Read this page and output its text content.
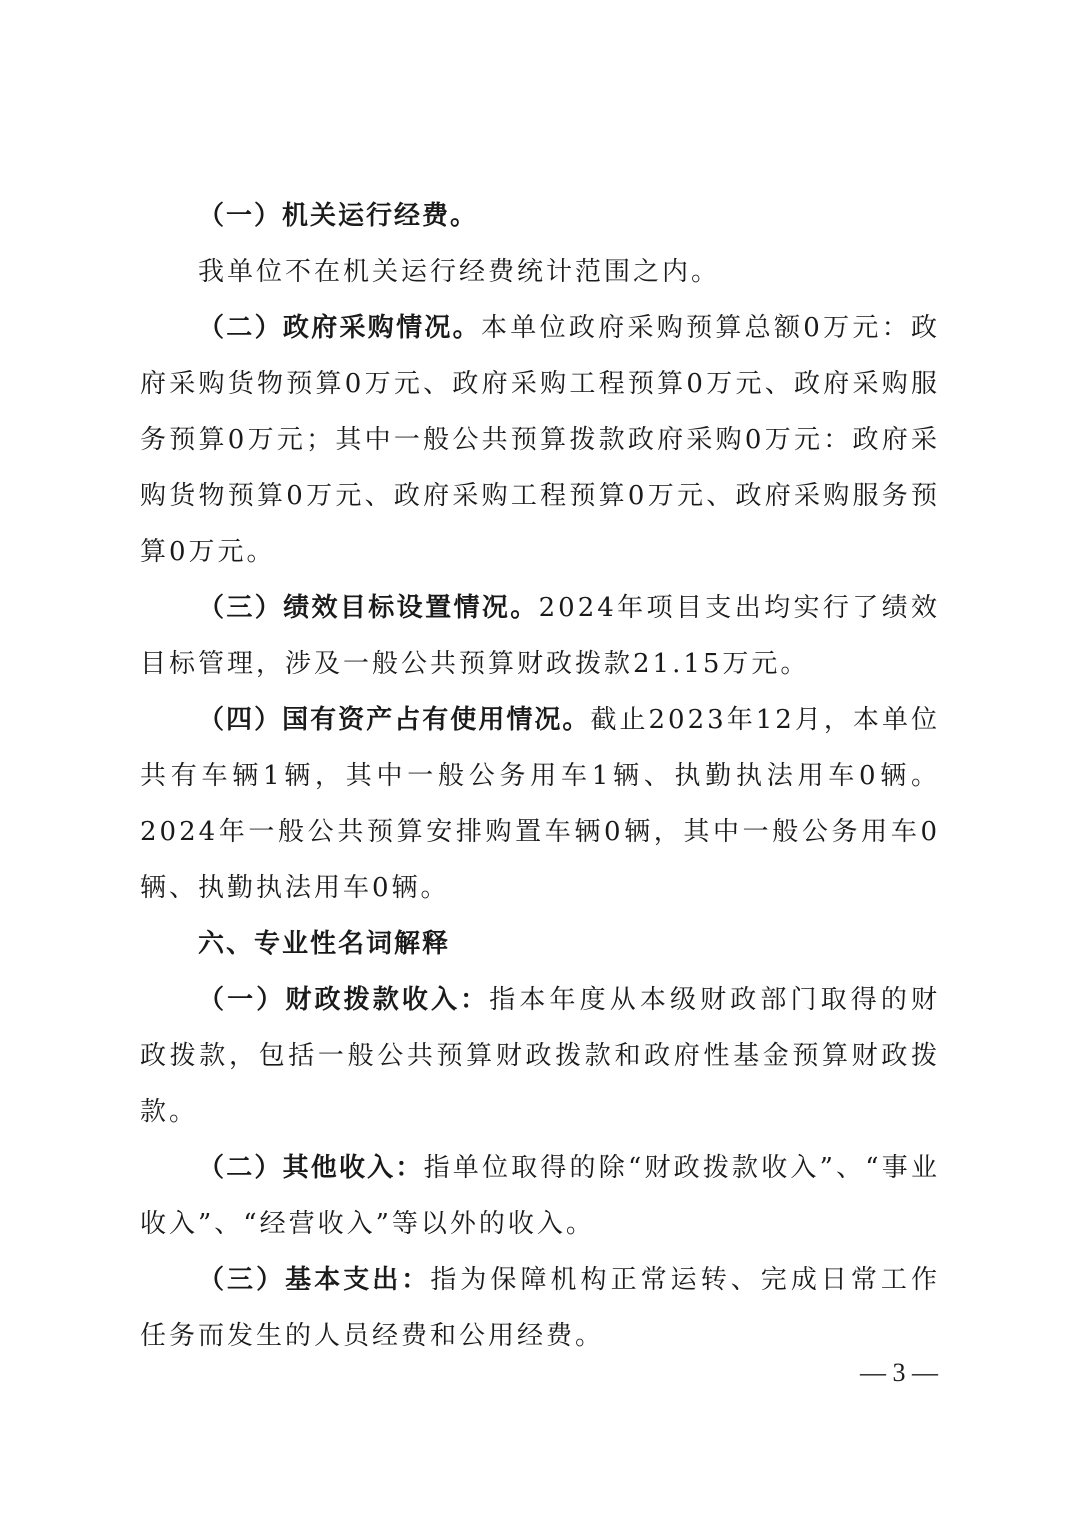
（一）机关运行经费。

我单位不在机关运行经费统计范围之内。

（二）政府采购情况。本单位政府采购预算总额0万元：政府采购货物预算0万元、政府采购工程预算0万元、政府采购服务预算0万元；其中一般公共预算拨款政府采购0万元：政府采购货物预算0万元、政府采购工程预算0万元、政府采购服务预算0万元。

（三）绩效目标设置情况。2024年项目支出均实行了绩效目标管理，涉及一般公共预算财政拨款21.15万元。

（四）国有资产占有使用情况。截止2023年12月，本单位共有车辆1辆，其中一般公务用车1辆、执勤执法用车0辆。2024年一般公共预算安排购置车辆0辆，其中一般公务用车0辆、执勤执法用车0辆。

六、专业性名词解释

（一）财政拨款收入：指本年度从本级财政部门取得的财政拨款，包括一般公共预算财政拨款和政府性基金预算财政拨款。

（二）其他收入：指单位取得的除“财政拨款收入”、“事业收入”、“经营收入”等以外的收入。

（三）基本支出：指为保障机构正常运转、完成日常工作任务而发生的人员经费和公用经费。

— 3 —
